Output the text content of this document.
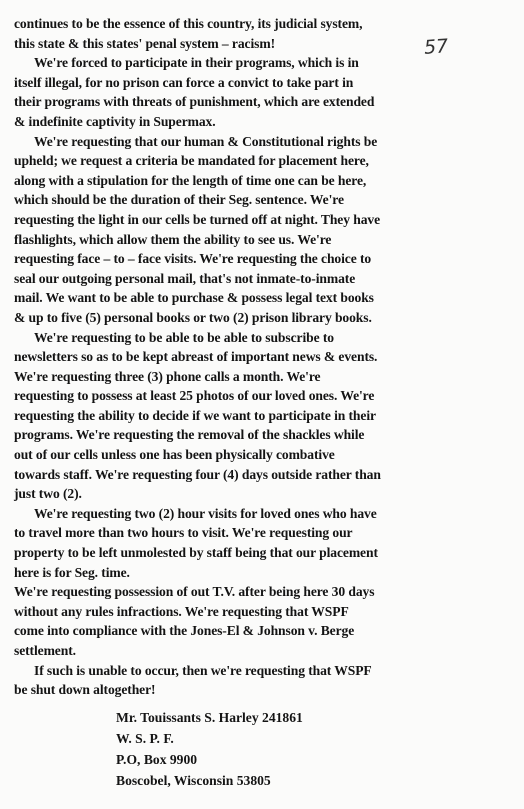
57
continues to be the essence of this country, its judicial system,
this state & this states' penal system – racism!
We're forced to participate in their programs, which is in
itself illegal, for no prison can force a convict to take part in
their programs with threats of punishment, which are extended
& indefinite captivity in Supermax.
We're requesting that our human & Constitutional rights be
upheld; we request a criteria be mandated for placement here,
along with a stipulation for the length of time one can be here,
which should be the duration of their Seg. sentence. We're
requesting the light in our cells be turned off at night. They have
flashlights, which allow them the ability to see us. We're
requesting face – to – face visits. We're requesting the choice to
seal our outgoing personal mail, that's not inmate-to-inmate
mail. We want to be able to purchase & possess legal text books
& up to five (5) personal books or two (2) prison library books.
We're requesting to be able to be able to subscribe to
newsletters so as to be kept abreast of important news & events.
We're requesting three (3) phone calls a month. We're
requesting to possess at least 25 photos of our loved ones. We're
requesting the ability to decide if we want to participate in their
programs. We're requesting the removal of the shackles while
out of our cells unless one has been physically combative
towards staff. We're requesting four (4) days outside rather than
just two (2).
We're requesting two (2) hour visits for loved ones who have
to travel more than two hours to visit. We're requesting our
property to be left unmolested by staff being that our placement
here is for Seg. time.
We're requesting possession of out T.V. after being here 30 days
without any rules infractions. We're requesting that WSPF
come into compliance with the Jones-El & Johnson v. Berge
settlement.
If such is unable to occur, then we're requesting that WSPF
be shut down altogether!
Mr. Touissants S. Harley 241861
W. S. P. F.
P.O, Box 9900
Boscobel, Wisconsin 53805
